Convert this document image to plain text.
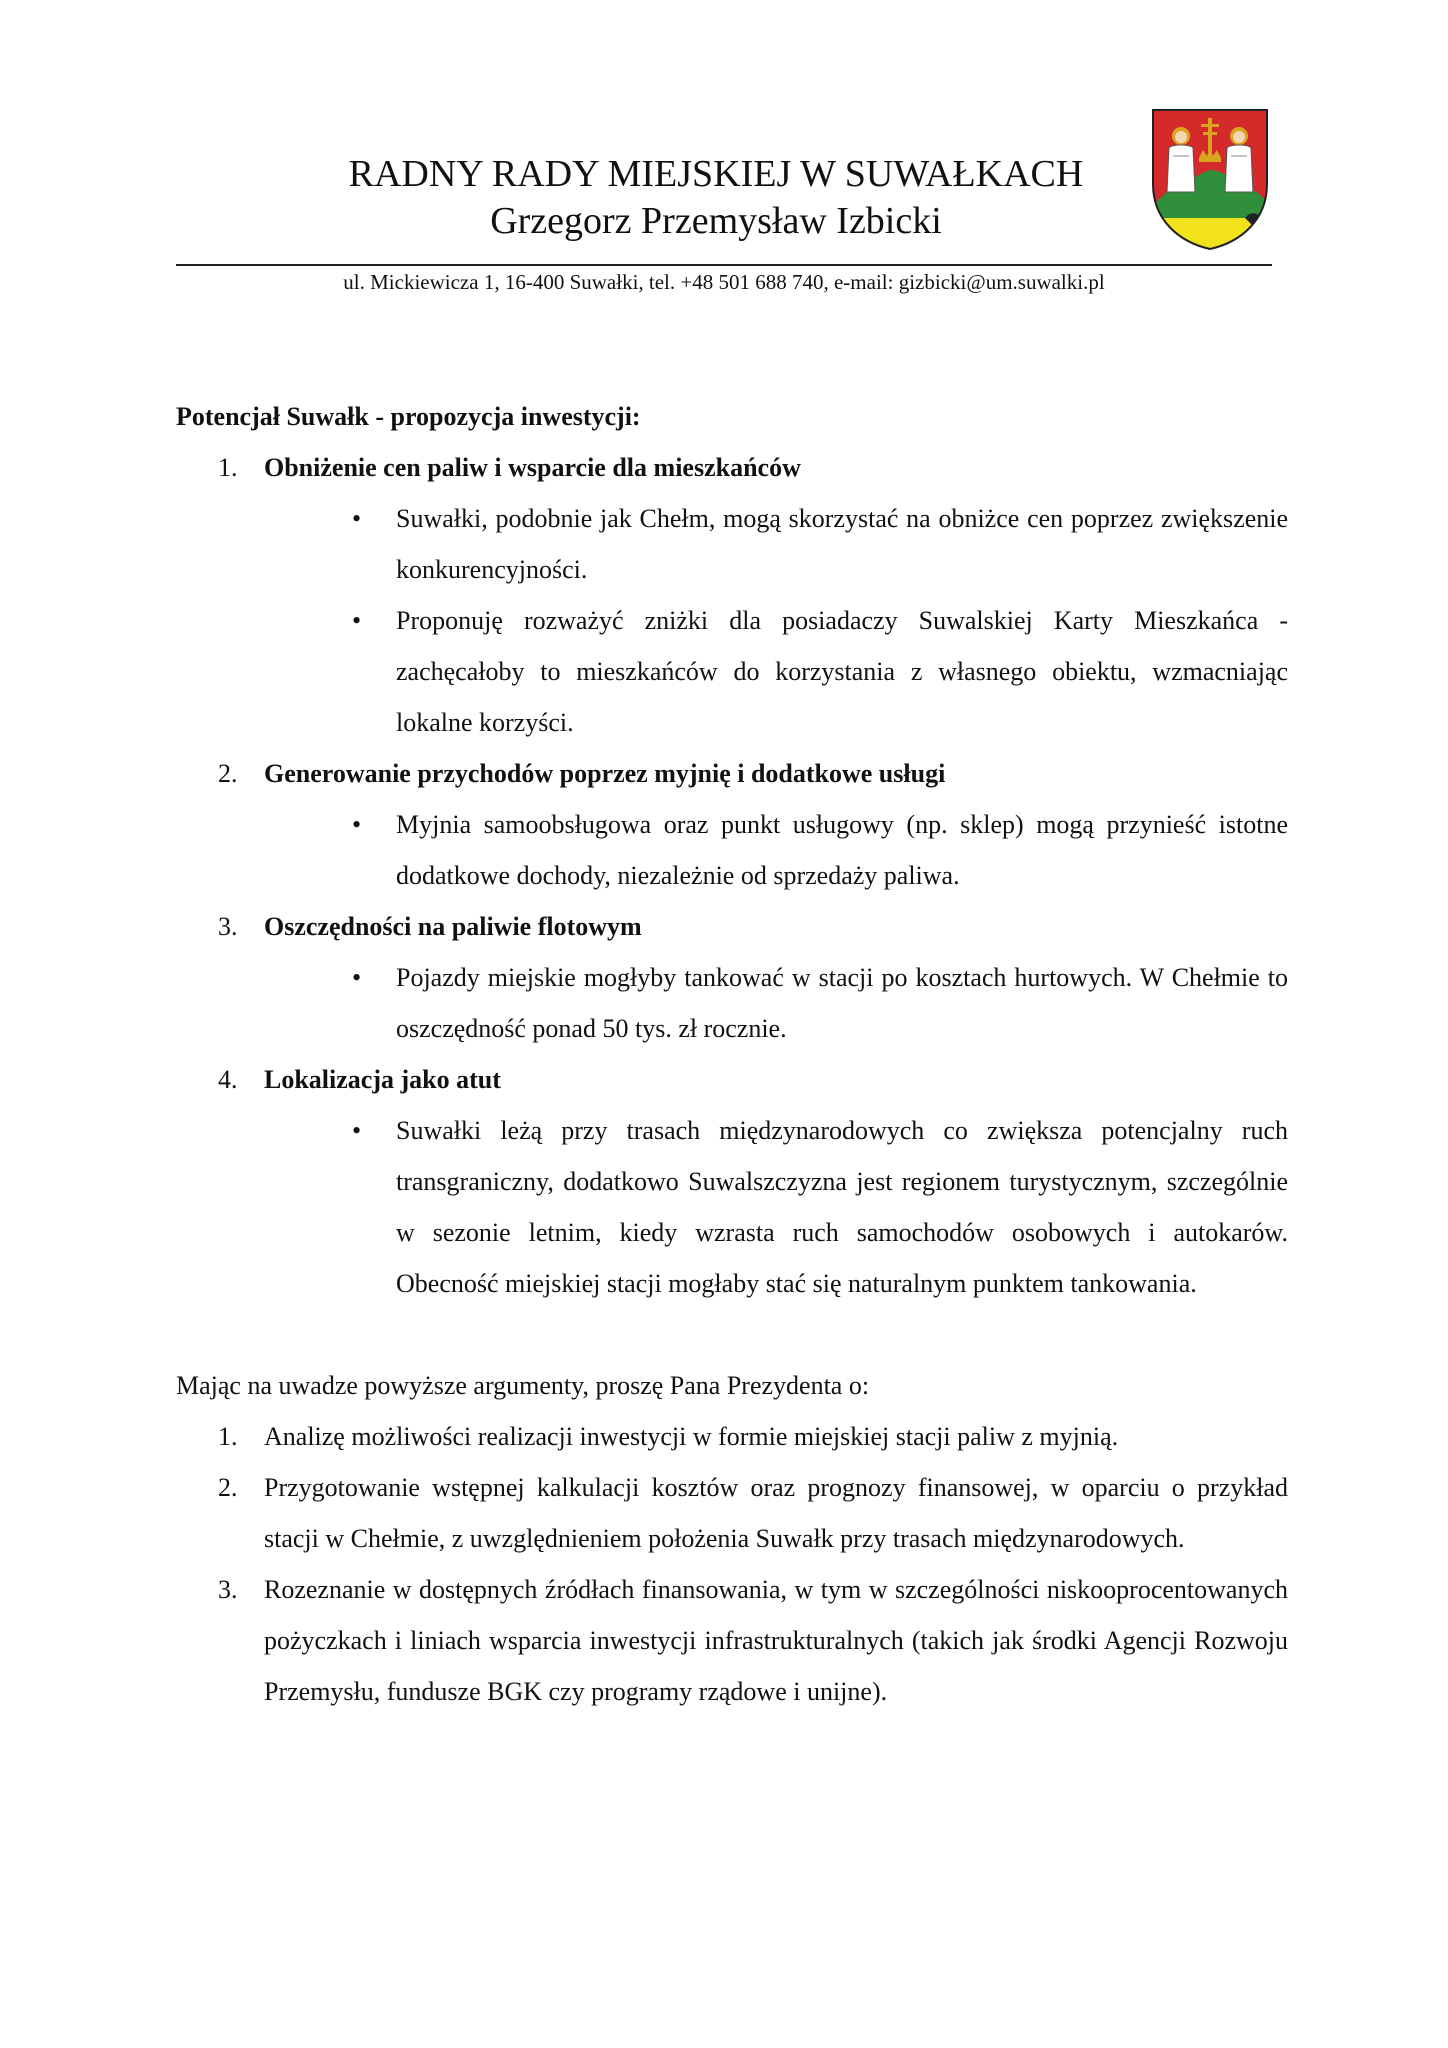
RADNY RADY MIEJSKIEJ W SUWAŁKACH
Grzegorz Przemysław Izbicki
ul. Mickiewicza 1, 16-400 Suwałki, tel. +48 501 688 740, e-mail: gizbicki@um.suwalki.pl
Potencjał Suwałk - propozycja inwestycji:
1.	Obniżenie cen paliw i wsparcie dla mieszkańców
• Suwałki, podobnie jak Chełm, mogą skorzystać na obniżce cen poprzez zwiększenie konkurencyjności.
• Proponuję rozważyć zniżki dla posiadaczy Suwalskiej Karty Mieszkańca - zachęcałoby to mieszkańców do korzystania z własnego obiektu, wzmacniając lokalne korzyści.
2.	Generowanie przychodów poprzez myjnię i dodatkowe usługi
• Myjnia samoobsługowa oraz punkt usługowy (np. sklep) mogą przynieść istotne dodatkowe dochody, niezależnie od sprzedaży paliwa.
3.	Oszczędności na paliwie flotowym
• Pojazdy miejskie mogłyby tankować w stacji po kosztach hurtowych. W Chełmie to oszczędność ponad 50 tys. zł rocznie.
4.	Lokalizacja jako atut
• Suwałki leżą przy trasach międzynarodowych co zwiększa potencjalny ruch transgraniczny, dodatkowo Suwalszczyzna jest regionem turystycznym, szczególnie w sezonie letnim, kiedy wzrasta ruch samochodów osobowych i autokarów. Obecność miejskiej stacji mogłaby stać się naturalnym punktem tankowania.
Mając na uwadze powyższe argumenty, proszę Pana Prezydenta o:
1.	Analizę możliwości realizacji inwestycji w formie miejskiej stacji paliw z myjnią.
2.	Przygotowanie wstępnej kalkulacji kosztów oraz prognozy finansowej, w oparciu o przykład stacji w Chełmie, z uwzględnieniem położenia Suwałk przy trasach międzynarodowych.
3.	Rozeznanie w dostępnych źródłach finansowania, w tym w szczególności niskooprocentowanych pożyczkach i liniach wsparcia inwestycji infrastrukturalnych (takich jak środki Agencji Rozwoju Przemysłu, fundusze BGK czy programy rządowe i unijne).
